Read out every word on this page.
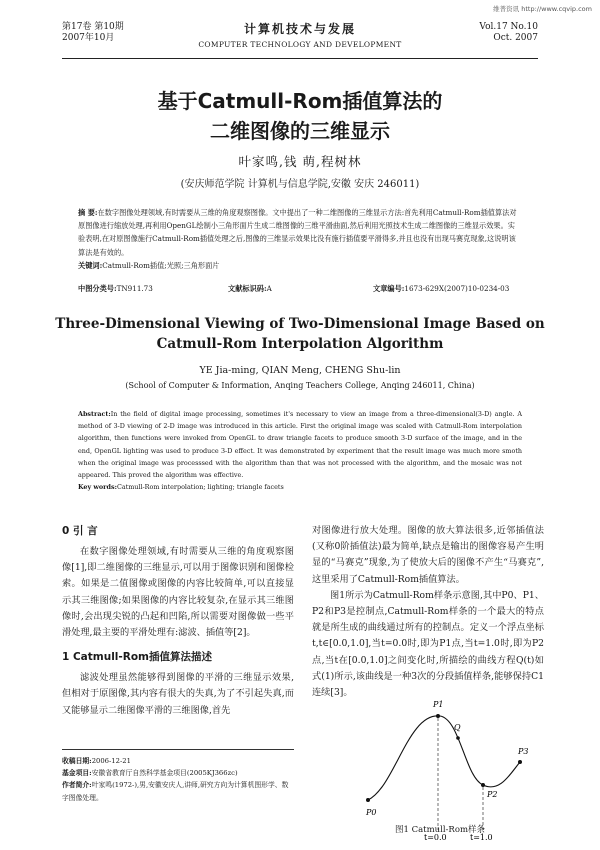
维普资讯 http://www.cqvip.com
第17卷 第10期
2007年10月
计算机技术与发展
COMPUTER TECHNOLOGY AND DEVELOPMENT
Vol.17 No.10
Oct. 2007
基于Catmull-Rom插值算法的
二维图像的三维显示
叶家鸣,钱 萌,程树林
(安庆师范学院 计算机与信息学院,安徽 安庆 246011)
摘 要:在数字图像处理领域,有时需要从三维的角度观察图像。文中提出了一种二维图像的三维显示方法:首先利用Catmull-Rom插值算法对原图像进行缩放处理,再利用OpenGL绘制小三角形面片生成二维图像的三维平滑曲面,然后利用光照技术生成二维图像的三维显示效果。实验表明,在对原图像施行Catmull-Rom插值处理之后,图像的三维显示效果比没有施行插值要平滑得多,并且也没有出现马赛克现象,这说明该算法是有效的。
关键词:Catmull-Rom插值;光照;三角形面片
中图分类号: TN911.73	文献标识码: A	文章编号: 1673-629X(2007)10-0234-03
Three-Dimensional Viewing of Two-Dimensional Image Based on
Catmull-Rom Interpolation Algorithm
YE Jia-ming, QIAN Meng, CHENG Shu-lin
(School of Computer & Information, Anqing Teachers College, Anqing 246011, China)
Abstract:In the field of digital image processing, sometimes it's necessary to view an image from a three-dimensional(3-D) angle. A method of 3-D viewing of 2-D image was introduced in this article. First the original image was scaled with Catmull-Rom interpolation algorithm, then functions were invoked from OpenGL to draw triangle facets to produce smooth 3-D surface of the image, and in the end, OpenGL lighting was used to produce 3-D effect. It was demonstrated by experiment that the result image was much more smoth when the original image was processsed with the algorithm than that was not processed with the algorithm, and the mosaic was not appeared. This proved the algorithm was effective.
Key words:Catmull-Rom interpolation; lighting; triangle facets
0 引 言

在数字图像处理领域,有时需要从三维的角度观察图像[1],即二维图像的三维显示,可以用于图像识别和图像检索。如果是二值图像或图像的内容比较简单,可以直接显示其三维图像;如果图像的内容比较复杂,在显示其三维图像时,会出现尖锐的凸起和凹陷,所以需要对图像做一些平滑处理,最主要的平滑处理有:滤波、插值等[2]。

1 Catmull-Rom插值算法描述

滤波处理虽然能够得到图像的平滑的三维显示效果,但相对于原图像,其内容有很大的失真,为了不引起失真,而又能够显示二维图像平滑的三维图像,首先

对图像进行放大处理。图像的放大算法很多,近邻插值法(又称0阶插值法)最为简单,缺点是输出的图像容易产生明显的“马赛克”现象,为了使放大后的图像不产生“马赛克”,这里采用了Catmull-Rom插值算法。

图1所示为Catmull-Rom样条示意图,其中P0、P1、P2和P3是控制点,Catmull-Rom样条的一个最大的特点就是所生成的曲线通过所有的控制点。定义一个浮点坐标t,t∈[0.0,1.0],当t=0.0时,即为P1点,当t=1.0时,即为P2点,当t在[0.0,1.0]之间变化时,所描绘的曲线方程Q(t)如式(1)所示,该曲线是一种3次的分段插值样条,能够保持C1连续[3]。

收稿日期:2006-12-21
基金项目:安徽省教育厅自然科学基金项目(2005KJ366zc)
作者简介:叶家鸣(1972-),男,安徽安庆人,讲师,研究方向为计算机图形学、数字图像处理。
P0
P1
P2
P3
Q
t=0.0	t=1.0
图1 Catmull-Rom样条
